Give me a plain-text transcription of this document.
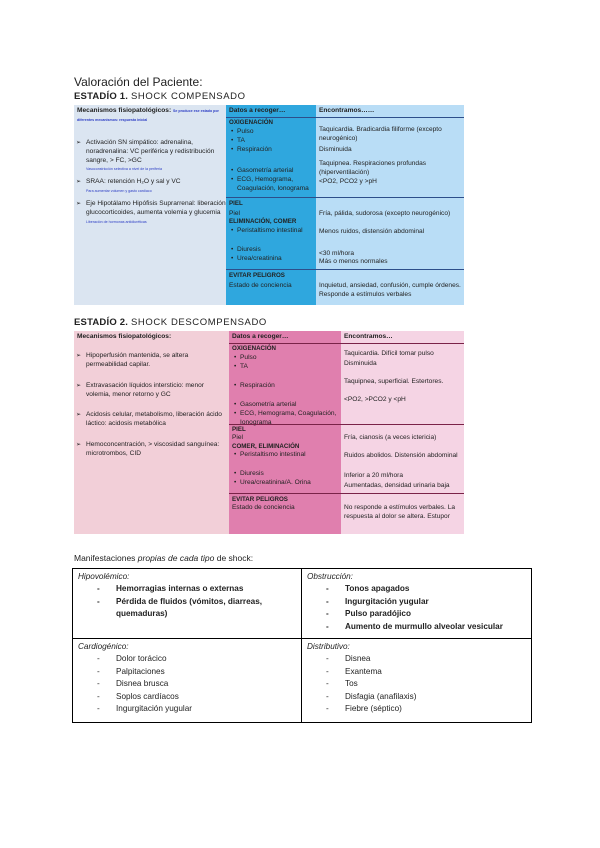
Valoración del Paciente:
ESTADÍO 1. SHOCK COMPENSADO
Mecanismos fisiopatológicos: Se produce ese estado por diferentes mecanismos: respuesta inicial
➢ Activación SN simpático: adrenalina, noradrenalina: VC periférica y redistribución sangre, > FC, >GC
Vasoconstricción selectiva a nivel de la periferia
➢ SRAA: retención H₂O y sal y VC
Para aumentar volumen y gasto cardíaco
➢ Eje Hipotálamo Hipófisis Suprarrenal: liberación glucocorticoides, aumenta volemia y glucemia
Liberación de hormonas antidiuréticas
Datos a recoger…
OXIGENACIÓN
• Pulso
• TA
• Respiración
• Gasometría arterial
• ECG, Hemograma, Coagulación, Ionograma
PIEL
Piel
ELIMINACIÓN, COMER
• Peristaltismo intestinal
• Diuresis
• Urea/creatinina
EVITAR PELIGROS
Estado de conciencia
Encontramos……
Taquicardia. Bradicardia filiforme (excepto neurogénico)
Disminuida
Taquipnea. Respiraciones profundas (hiperventilación)
<PO2, PCO2 y >pH
Fría, pálida, sudorosa (excepto neurogénico)
Menos ruidos, distensión abdominal
<30 ml/hora
Más o menos normales
Inquietud, ansiedad, confusión, cumple órdenes. Responde a estímulos verbales
ESTADÍO 2. SHOCK DESCOMPENSADO
Mecanismos fisiopatológicos:
➢ Hipoperfusión mantenida, se altera permeabilidad capilar.
➢ Extravasación líquidos intersticio: menor volemia, menor retorno y GC
➢ Acidosis celular, metabolismo, liberación ácido láctico: acidosis metabólica
➢ Hemoconcentración, > viscosidad sanguínea: microtrombos, CID
Datos a recoger…
OXIGENACIÓN
• Pulso
• TA
• Respiración
• Gasometría arterial
• ECG, Hemograma, Coagulación, Ionograma
PIEL
Piel
COMER, ELIMINACIÓN
• Peristaltismo intestinal
• Diuresis
• Urea/creatinina/A. Orina
EVITAR PELIGROS
Estado de conciencia
Encontramos…
Taquicardia. Difícil tomar pulso
Disminuida
Taquipnea, superficial. Estertores.
<PO2, >PCO2 y <pH
Fría, cianosis (a veces ictericia)
Ruidos abolidos. Distensión abdominal
Inferior a 20 ml/hora
Aumentadas, densidad urinaria baja
No responde a estímulos verbales. La respuesta al dolor se altera. Estupor
Manifestaciones propias de cada tipo de shock:
Hipovolémico:
- Hemorragias internas o externas
- Pérdida de fluidos (vómitos, diarreas, quemaduras)
Obstrucción:
- Tonos apagados
- Ingurgitación yugular
- Pulso paradójico
- Aumento de murmullo alveolar vesicular
Cardiogénico:
- Dolor torácico
- Palpitaciones
- Disnea brusca
- Soplos cardíacos
- Ingurgitación yugular
Distributivo:
- Disnea
- Exantema
- Tos
- Disfagia (anafilaxis)
- Fiebre (séptico)
